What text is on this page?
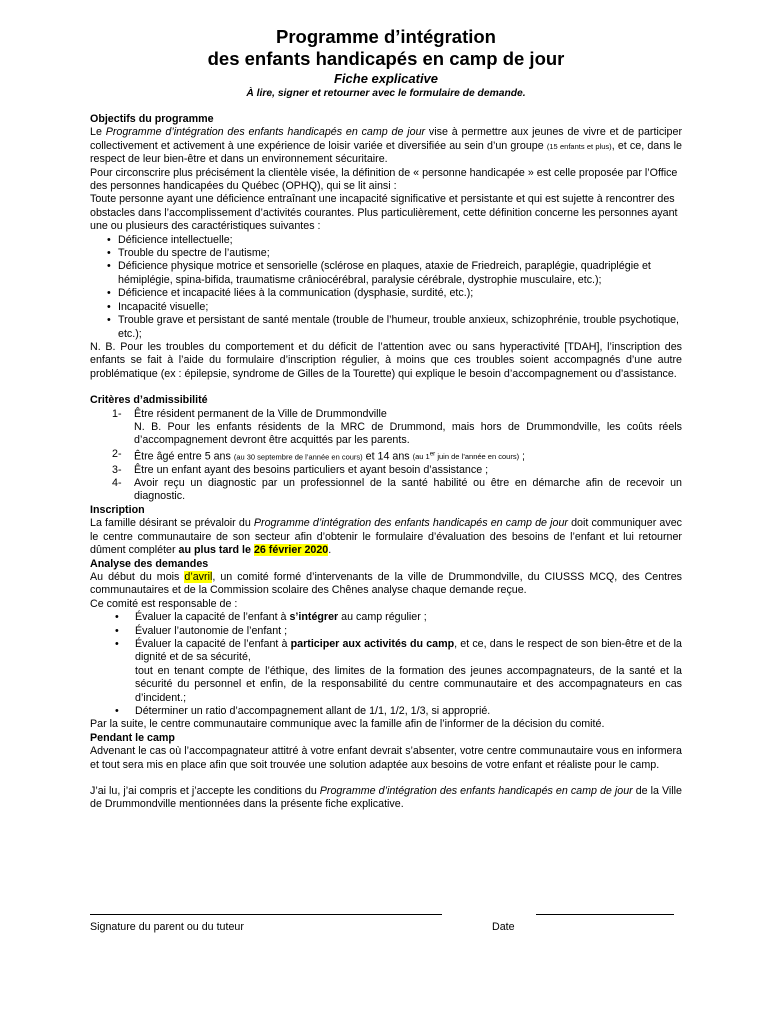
Programme d’intégration

des enfants handicapés en camp de jour

Fiche explicative
À lire, signer et retourner avec le formulaire de demande.
Objectifs du programme

Le Programme d’intégration des enfants handicapés en camp de jour vise à permettre aux jeunes de vivre et de participer collectivement et activement à une expérience de loisir variée et diversifiée au sein d’un groupe (15 enfants et plus), et ce, dans le respect de leur bien-être et dans un environnement sécuritaire.

Pour circonscrire plus précisément la clientèle visée, la définition de « personne handicapée » est celle proposée par l’Office des personnes handicapées du Québec (OPHQ), qui se lit ainsi :

Toute personne ayant une déficience entraînant une incapacité significative et persistante et qui est sujette à rencontrer des obstacles dans l’accomplissement d’activités courantes. Plus particulièrement, cette définition concerne les personnes ayant une ou plusieurs des caractéristiques suivantes :

• Déficience intellectuelle;
• Trouble du spectre de l’autisme;
• Déficience physique motrice et sensorielle (sclérose en plaques, ataxie de Friedreich, paraplégie, quadriplégie et hémiplégie, spina-bifida, traumatisme crâniocérébral, paralysie cérébrale, dystrophie musculaire, etc.);
• Déficience et incapacité liées à la communication (dysphasie, surdité, etc.);
• Incapacité visuelle;
• Trouble grave et persistant de santé mentale (trouble de l’humeur, trouble anxieux, schizophrénie, trouble psychotique, etc.);

N. B. Pour les troubles du comportement et du déficit de l’attention avec ou sans hyperactivité [TDAH], l’inscription des enfants se fait à l’aide du formulaire d’inscription régulier, à moins que ces troubles soient accompagnés d’une autre problématique (ex : épilepsie, syndrome de Gilles de la Tourette) qui explique le besoin d’accompagnement ou d’assistance.

Critères d’admissibilité
1- Être résident permanent de la Ville de Drummondville
N. B. Pour les enfants résidents de la MRC de Drummond, mais hors de Drummondville, les coûts réels d’accompagnement devront être acquittés par les parents.
2- Être âgé entre 5 ans (au 30 septembre de l’année en cours) et 14 ans (au 1er juin de l’année en cours) ;
3- Être un enfant ayant des besoins particuliers et ayant besoin d’assistance ;
4- Avoir reçu un diagnostic par un professionnel de la santé habilité ou être en démarche afin de recevoir un diagnostic.
Inscription

La famille désirant se prévaloir du Programme d’intégration des enfants handicapés en camp de jour doit communiquer avec le centre communautaire de son secteur afin d’obtenir le formulaire d’évaluation des besoins de l’enfant et lui retourner dûment compléter au plus tard le 26 février 2020.

Analyse des demandes

Au début du mois d’avril, un comité formé d’intervenants de la ville de Drummondville, du CIUSSS MCQ, des Centres communautaires et de la Commission scolaire des Chênes analyse chaque demande reçue.

Ce comité est responsable de :

• Évaluer la capacité de l’enfant à s’intégrer au camp régulier ;
• Évaluer l’autonomie de l’enfant ;
• Évaluer la capacité de l’enfant à participer aux activités du camp, et ce, dans le respect de son bien-être et de la dignité et de sa sécurité,
tout en tenant compte de l’éthique, des limites de la formation des jeunes accompagnateurs, de la santé et la sécurité du personnel et enfin, de la responsabilité du centre communautaire et des accompagnateurs en cas d’incident.;
• Déterminer un ratio d’accompagnement allant de 1/1, 1/2, 1/3, si approprié.

Par la suite, le centre communautaire communique avec la famille afin de l’informer de la décision du comité.

Pendant le camp

Advenant le cas où l’accompagnateur attitré à votre enfant devrait s’absenter, votre centre communautaire vous en informera et tout sera mis en place afin que soit trouvée une solution adaptée aux besoins de votre enfant et réaliste pour le camp.

J’ai lu, j’ai compris et j’accepte les conditions du Programme d’intégration des enfants handicapés en camp de jour de la Ville de Drummondville mentionnées dans la présente fiche explicative.

Signature du parent ou du tuteur	Date
